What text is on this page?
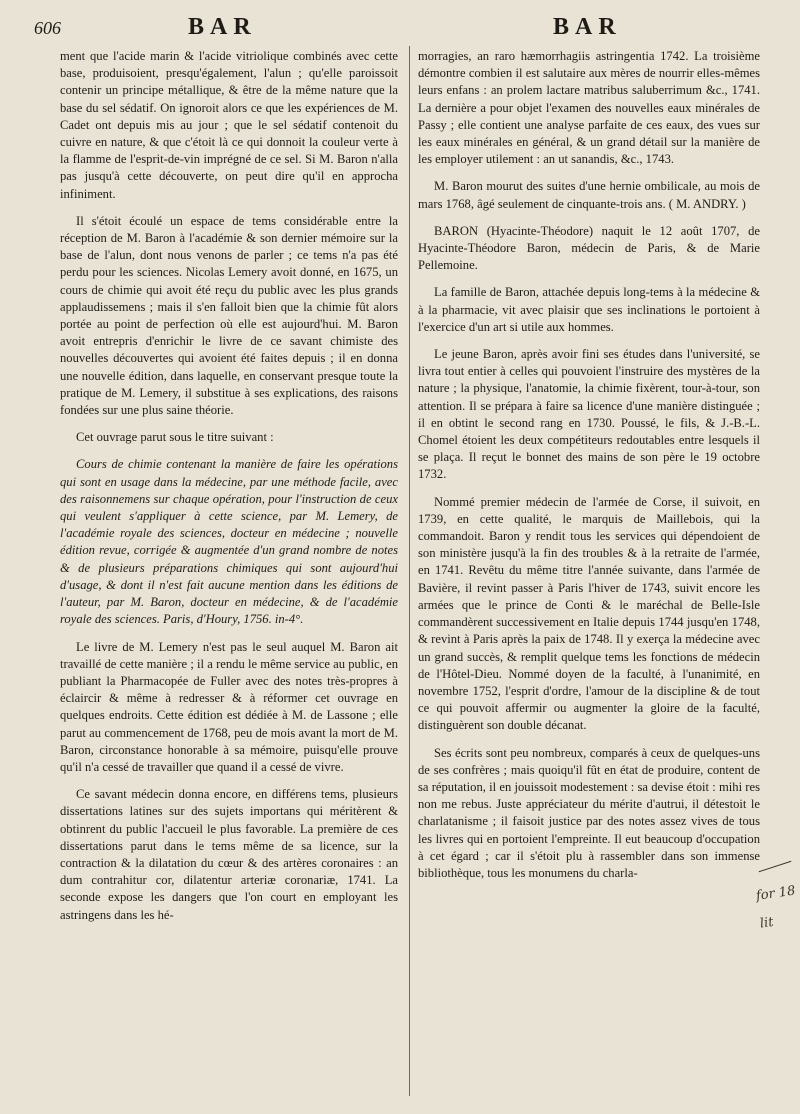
606	BAR	BAR

ment que l'acide marin & l'acide vitriolique combinés avec cette base, produisoient, presqu'également, l'alun ; qu'elle paroissoit contenir un principe métallique, & être de la même nature que la base du sel sédatif. On ignoroit alors ce que les expériences de M. Cadet ont depuis mis au jour ; que le sel sédatif contenoit du cuivre en nature, & que c'étoit là ce qui donnoit la couleur verte à la flamme de l'esprit-de-vin imprégné de ce sel. Si M. Baron n'alla pas jusqu'à cette découverte, on peut dire qu'il en approcha infiniment.

Il s'étoit écoulé un espace de tems considérable entre la réception de M. Baron à l'académie & son dernier mémoire sur la base de l'alun, dont nous venons de parler ; ce tems n'a pas été perdu pour les sciences. Nicolas Lemery avoit donné, en 1675, un cours de chimie qui avoit été reçu du public avec les plus grands applaudissemens ; mais il s'en falloit bien que la chimie fût alors portée au point de perfection où elle est aujourd'hui. M. Baron avoit entrepris d'enrichir le livre de ce savant chimiste des nouvelles découvertes qui avoient été faites depuis ; il en donna une nouvelle édition, dans laquelle, en conservant presque toute la pratique de M. Lemery, il substitue à ses explications, des raisons fondées sur une plus saine théorie.

Cet ouvrage parut sous le titre suivant :

Cours de chimie contenant la manière de faire les opérations qui sont en usage dans la médecine, par une méthode facile, avec des raisonnemens sur chaque opération, pour l'instruction de ceux qui veulent s'appliquer à cette science, par M. Lemery, de l'académie royale des sciences, docteur en médecine ; nouvelle édition revue, corrigée & augmentée d'un grand nombre de notes & de plusieurs préparations chimiques qui sont aujourd'hui d'usage, & dont il n'est fait aucune mention dans les éditions de l'auteur, par M. Baron, docteur en médecine, & de l'académie royale des sciences. Paris, d'Houry, 1756. in-4°.

Le livre de M. Lemery n'est pas le seul auquel M. Baron ait travaillé de cette manière ; il a rendu le même service au public, en publiant la Pharmacopée de Fuller avec des notes très-propres à éclaircir & même à redresser & à réformer cet ouvrage en quelques endroits. Cette édition est dédiée à M. de Lassone ; elle parut au commencement de 1768, peu de mois avant la mort de M. Baron, circonstance honorable à sa mémoire, puisqu'elle prouve qu'il n'a cessé de travailler que quand il a cessé de vivre.

Ce savant médecin donna encore, en différens tems, plusieurs dissertations latines sur des sujets importans qui méritèrent & obtinrent du public l'accueil le plus favorable. La première de ces dissertations parut dans le tems même de sa licence, sur la contraction & la dilatation du cœur & des artères coronaires : an dum contrahitur cor, dilatentur arteriæ coronariæ, 1741. La seconde expose les dangers que l'on court en employant les astringens dans les hé-

morragies, an raro hæmorrhagiis astringentia 1742. La troisième démontre combien il est salutaire aux mères de nourrir elles-mêmes leurs enfans : an prolem lactare matribus saluberrimum &c., 1741. La dernière a pour objet l'examen des nouvelles eaux minérales de Passy ; elle contient une analyse parfaite de ces eaux, des vues sur les eaux minérales en général, & un grand détail sur la manière de les employer utilement : an ut sanandis, &c., 1743.

M. Baron mourut des suites d'une hernie ombilicale, au mois de mars 1768, âgé seulement de cinquante-trois ans. ( M. ANDRY. )

BARON (Hyacinte-Théodore) naquit le 12 août 1707, de Hyacinte-Théodore Baron, médecin de Paris, & de Marie Pellemoine.

La famille de Baron, attachée depuis long-tems à la médecine & à la pharmacie, vit avec plaisir que ses inclinations le portoient à l'exercice d'un art si utile aux hommes.

Le jeune Baron, après avoir fini ses études dans l'université, se livra tout entier à celles qui pouvoient l'instruire des mystères de la nature ; la physique, l'anatomie, la chimie fixèrent, tour-à-tour, son attention. Il se prépara à faire sa licence d'une manière distinguée ; il en obtint le second rang en 1730. Poussé, le fils, & J.-B.-L. Chomel étoient les deux compétiteurs redoutables entre lesquels il se plaça. Il reçut le bonnet des mains de son père le 19 octobre 1732.

Nommé premier médecin de l'armée de Corse, il suivoit, en 1739, en cette qualité, le marquis de Maillebois, qui la commandoit. Baron y rendit tous les services qui dépendoient de son ministère jusqu'à la fin des troubles & à la retraite de l'armée, en 1741. Revêtu du même titre l'année suivante, dans l'armée de Bavière, il revint passer à Paris l'hiver de 1743, suivit encore les armées que le prince de Conti & le maréchal de Belle-Isle commandèrent successivement en Italie depuis 1744 jusqu'en 1748, & revint à Paris après la paix de 1748. Il y exerça la médecine avec un grand succès, & remplit quelque tems les fonctions de médecin de l'Hôtel-Dieu. Nommé doyen de la faculté, à l'unanimité, en novembre 1752, l'esprit d'ordre, l'amour de la discipline & de tout ce qui pouvoit affermir ou augmenter la gloire de la faculté, distinguèrent son double décanat.

Ses écrits sont peu nombreux, comparés à ceux de quelques-uns de ses confrères ; mais quoiqu'il fût en état de produire, content de sa réputation, il en jouissoit modestement : sa devise étoit : mihi res non me rebus. Juste appréciateur du mérite d'autrui, il détestoit le charlatanisme ; il faisoit justice par des notes assez vives de tous les livres qui en portoient l'empreinte. Il eut beaucoup d'occupation à cet égard ; car il s'étoit plu à rassembler dans son immense bibliothèque, tous les monumens du charla-

for 18 lit
